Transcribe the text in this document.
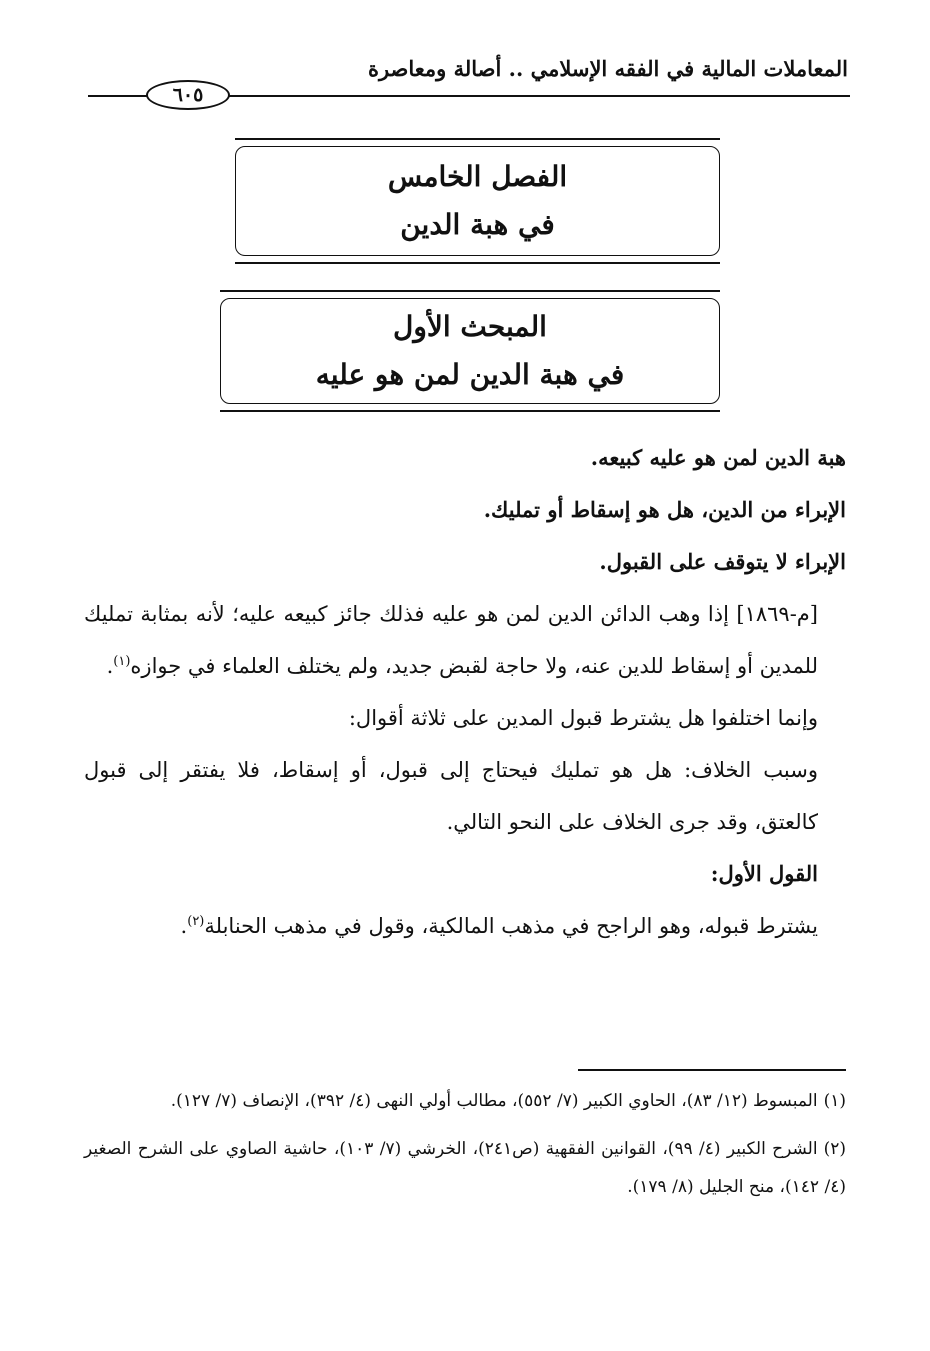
المعاملات المالية في الفقه الإسلامي .. أصالة ومعاصرة
٦٠٥
الفصل الخامس
في هبة الدين
المبحث الأول
في هبة الدين لمن هو عليه

هبة الدين لمن هو عليه كبيعه.

الإبراء من الدين، هل هو إسقاط أو تمليك.

الإبراء لا يتوقف على القبول.

[م-١٨٦٩] إذا وهب الدائن الدين لمن هو عليه فذلك جائز كبيعه عليه؛ لأنه بمثابة تمليك للمدين أو إسقاط للدين عنه، ولا حاجة لقبض جديد، ولم يختلف العلماء في جوازه$^{(١)}$.

وإنما اختلفوا هل يشترط قبول المدين على ثلاثة أقوال:

وسبب الخلاف: هل هو تمليك فيحتاج إلى قبول، أو إسقاط، فلا يفتقر إلى قبول كالعتق، وقد جرى الخلاف على النحو التالي.

القول الأول:

يشترط قبوله، وهو الراجح في مذهب المالكية، وقول في مذهب الحنابلة$^{(٢)}$.

(١)المبسوط (١٢/ ٨٣)، الحاوي الكبير (٧/ ٥٥٢)، مطالب أولي النهى (٤/ ٣٩٢)، الإنصاف (٧/ ١٢٧).

(٢)الشرح الكبير (٤/ ٩٩)، القوانين الفقهية (ص٢٤١)، الخرشي (٧/ ١٠٣)، حاشية الصاوي على الشرح الصغير (٤/ ١٤٢)، منح الجليل (٨/ ١٧٩).
